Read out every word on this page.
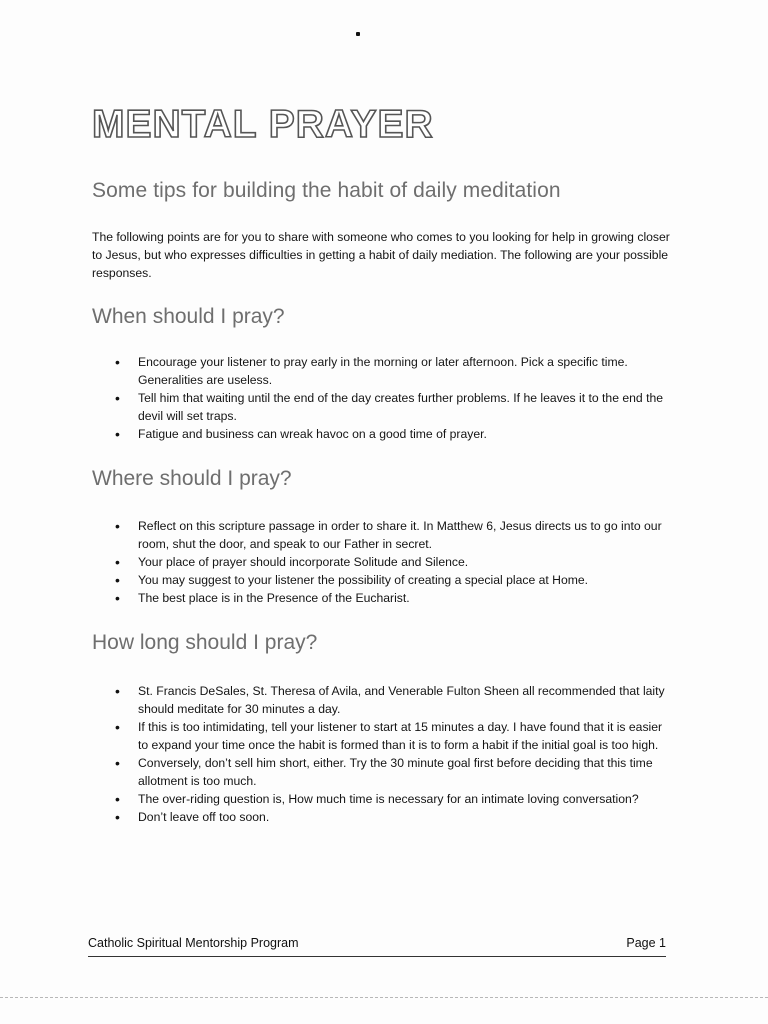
MENTAL PRAYER
Some tips for building the habit of daily meditation

The following points are for you to share with someone who comes to you looking for help in growing closer to Jesus, but who expresses difficulties in getting a habit of daily mediation. The following are your possible responses.

When should I pray?
• Encourage your listener to pray early in the morning or later afternoon. Pick a specific time. Generalities are useless.
• Tell him that waiting until the end of the day creates further problems. If he leaves it to the end the devil will set traps.
• Fatigue and business can wreak havoc on a good time of prayer.
Where should I pray?
• Reflect on this scripture passage in order to share it. In Matthew 6, Jesus directs us to go into our room, shut the door, and speak to our Father in secret.
• Your place of prayer should incorporate Solitude and Silence.
• You may suggest to your listener the possibility of creating a special place at Home.
• The best place is in the Presence of the Eucharist.
How long should I pray?
• St. Francis DeSales, St. Theresa of Avila, and Venerable Fulton Sheen all recommended that laity should meditate for 30 minutes a day.
• If this is too intimidating, tell your listener to start at 15 minutes a day. I have found that it is easier to expand your time once the habit is formed than it is to form a habit if the initial goal is too high.
• Conversely, don’t sell him short, either. Try the 30 minute goal first before deciding that this time allotment is too much.
• The over-riding question is, How much time is necessary for an intimate loving conversation?
• Don’t leave off too soon.
Catholic Spiritual Mentorship Program	Page 1
